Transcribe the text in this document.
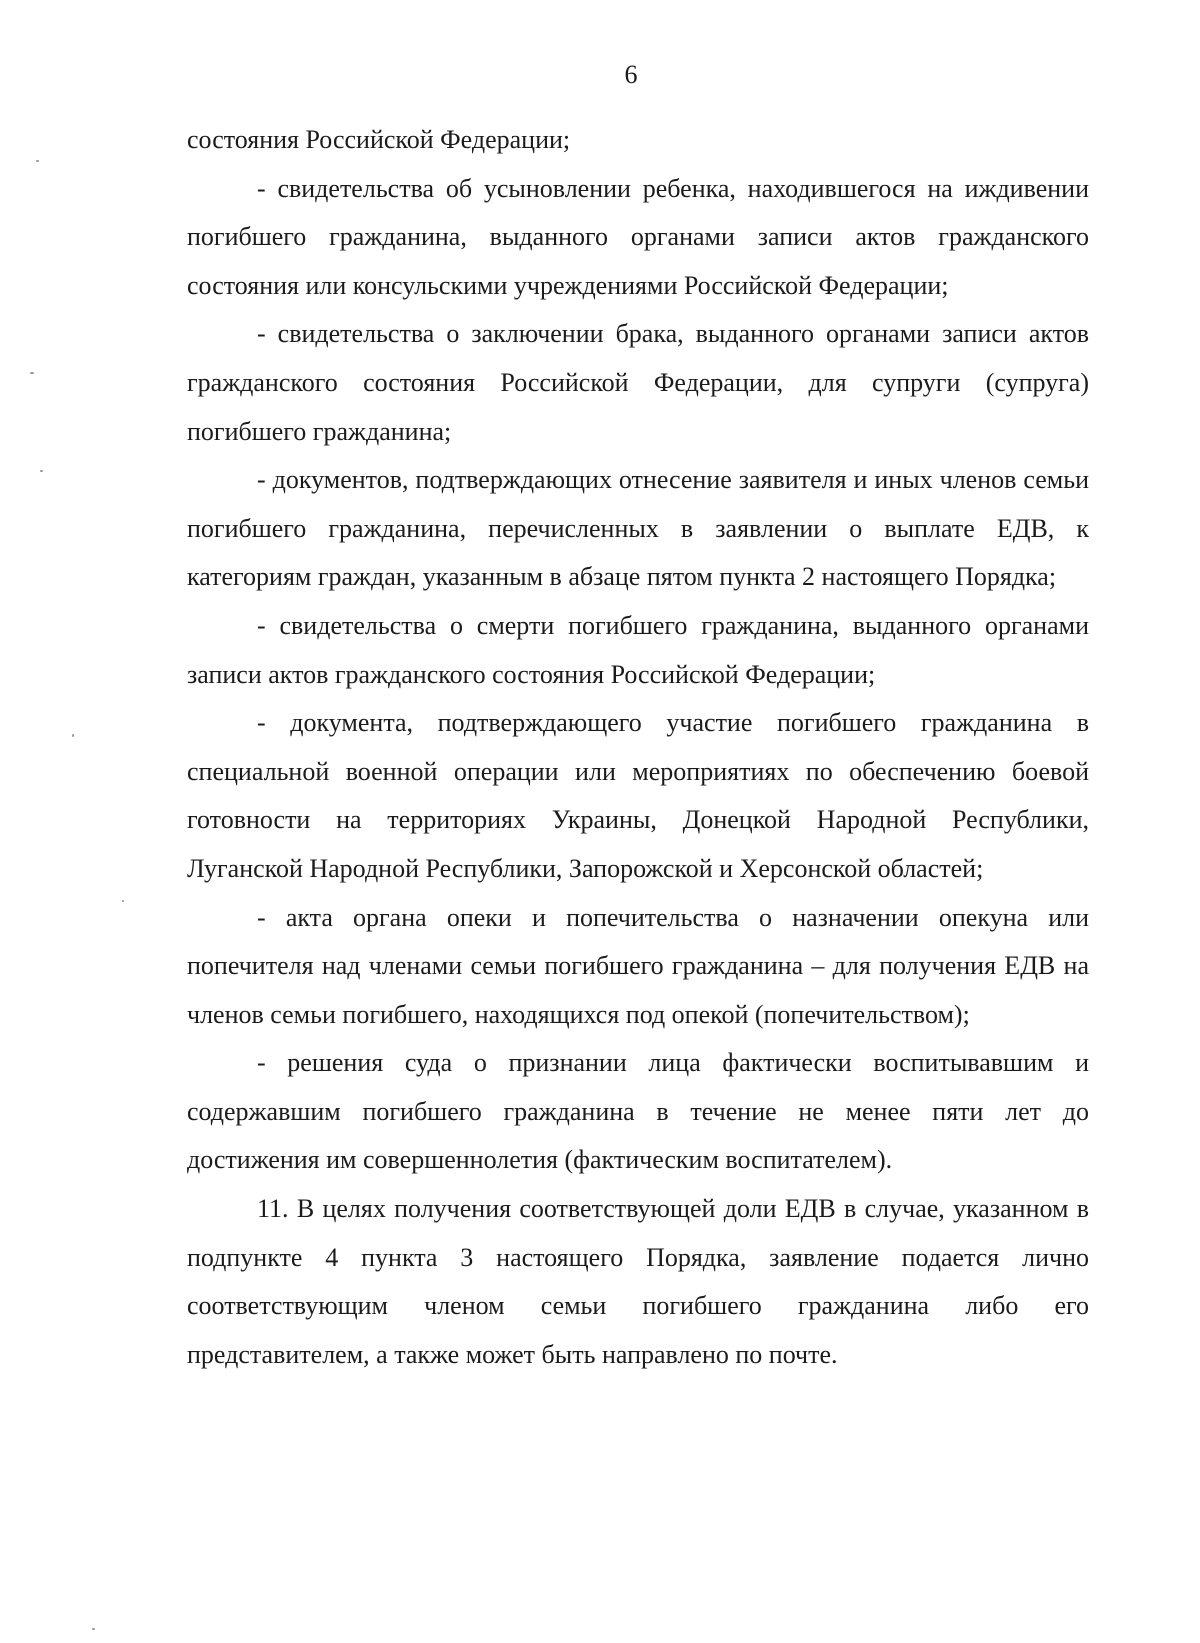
6

состояния Российской Федерации;

- свидетельства об усыновлении ребенка, находившегося на иждивении погибшего гражданина, выданного органами записи актов гражданского состояния или консульскими учреждениями Российской Федерации;

- свидетельства о заключении брака, выданного органами записи актов гражданского состояния Российской Федерации, для супруги (супруга) погибшего гражданина;

- документов, подтверждающих отнесение заявителя и иных членов семьи погибшего гражданина, перечисленных в заявлении о выплате ЕДВ, к категориям граждан, указанным в абзаце пятом пункта 2 настоящего Порядка;

- свидетельства о смерти погибшего гражданина, выданного органами записи актов гражданского состояния Российской Федерации;

- документа, подтверждающего участие погибшего гражданина в специальной военной операции или мероприятиях по обеспечению боевой готовности на территориях Украины, Донецкой Народной Республики, Луганской Народной Республики, Запорожской и Херсонской областей;

- акта органа опеки и попечительства о назначении опекуна или попечителя над членами семьи погибшего гражданина – для получения ЕДВ на членов семьи погибшего, находящихся под опекой (попечительством);

- решения суда о признании лица фактически воспитывавшим и содержавшим погибшего гражданина в течение не менее пяти лет до достижения им совершеннолетия (фактическим воспитателем).

11. В целях получения соответствующей доли ЕДВ в случае, указанном в подпункте 4 пункта 3 настоящего Порядка, заявление подается лично соответствующим членом семьи погибшего гражданина либо его представителем, а также может быть направлено по почте.
